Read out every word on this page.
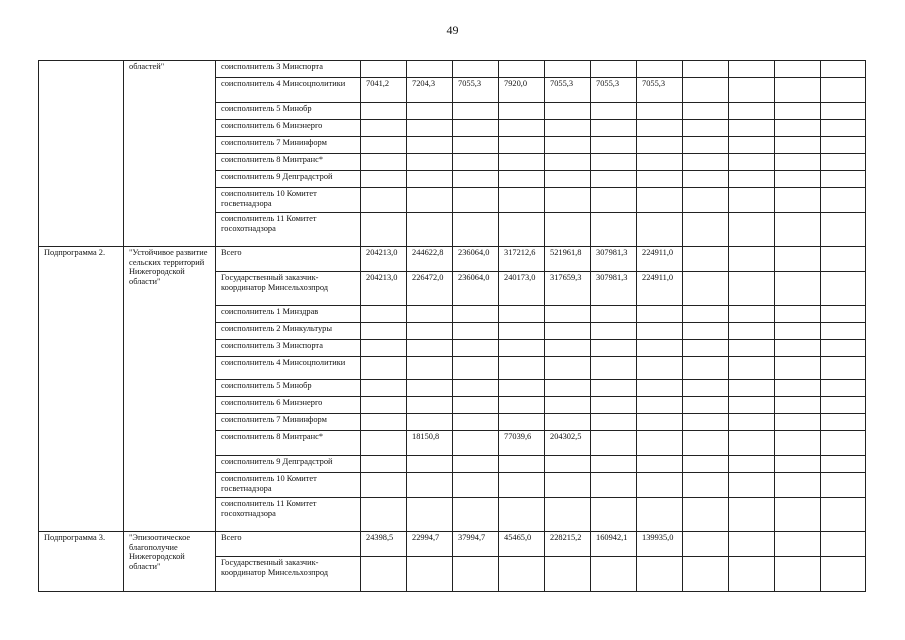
49
	областей"	соисполнитель 3 Минспорта											
		соисполнитель 4 Минсоцполитики	7041,2	7204,3	7055,3	7920,0	7055,3	7055,3	7055,3				
		соисполнитель 5 Минобр											
		соисполнитель 6 Минэнерго											
		соисполнитель 7 Мининформ											
		соисполнитель 8 Минтранс*											
		соисполнитель 9 Депградстрой											
		соисполнитель 10 Комитет госветнадзора											
		соисполнитель 11 Комитет госохотнадзора											
Подпрограмма 2.	"Устойчивое развитие сельских территорий Нижегородской области"	Всего	204213,0	244622,8	236064,0	317212,6	521961,8	307981,3	224911,0				
		Государственный заказчик-координатор Минсельхозпрод	204213,0	226472,0	236064,0	240173,0	317659,3	307981,3	224911,0				
		соисполнитель 1 Минздрав											
		соисполнитель 2 Минкультуры											
		соисполнитель 3 Минспорта											
		соисполнитель 4 Минсоцполитики											
		соисполнитель 5 Минобр											
		соисполнитель 6 Минэнерго											
		соисполнитель 7 Мининформ											
		соисполнитель 8 Минтранс*		18150,8		77039,6	204302,5						
		соисполнитель 9 Депградстрой											
		соисполнитель 10 Комитет госветнадзора											
		соисполнитель 11 Комитет госохотнадзора											
Подпрограмма 3.	"Эпизоотическое благополучие Нижегородской области"	Всего	24398,5	22994,7	37994,7	45465,0	228215,2	160942,1	139935,0				
		Государственный заказчик-координатор Минсельхозпрод											
